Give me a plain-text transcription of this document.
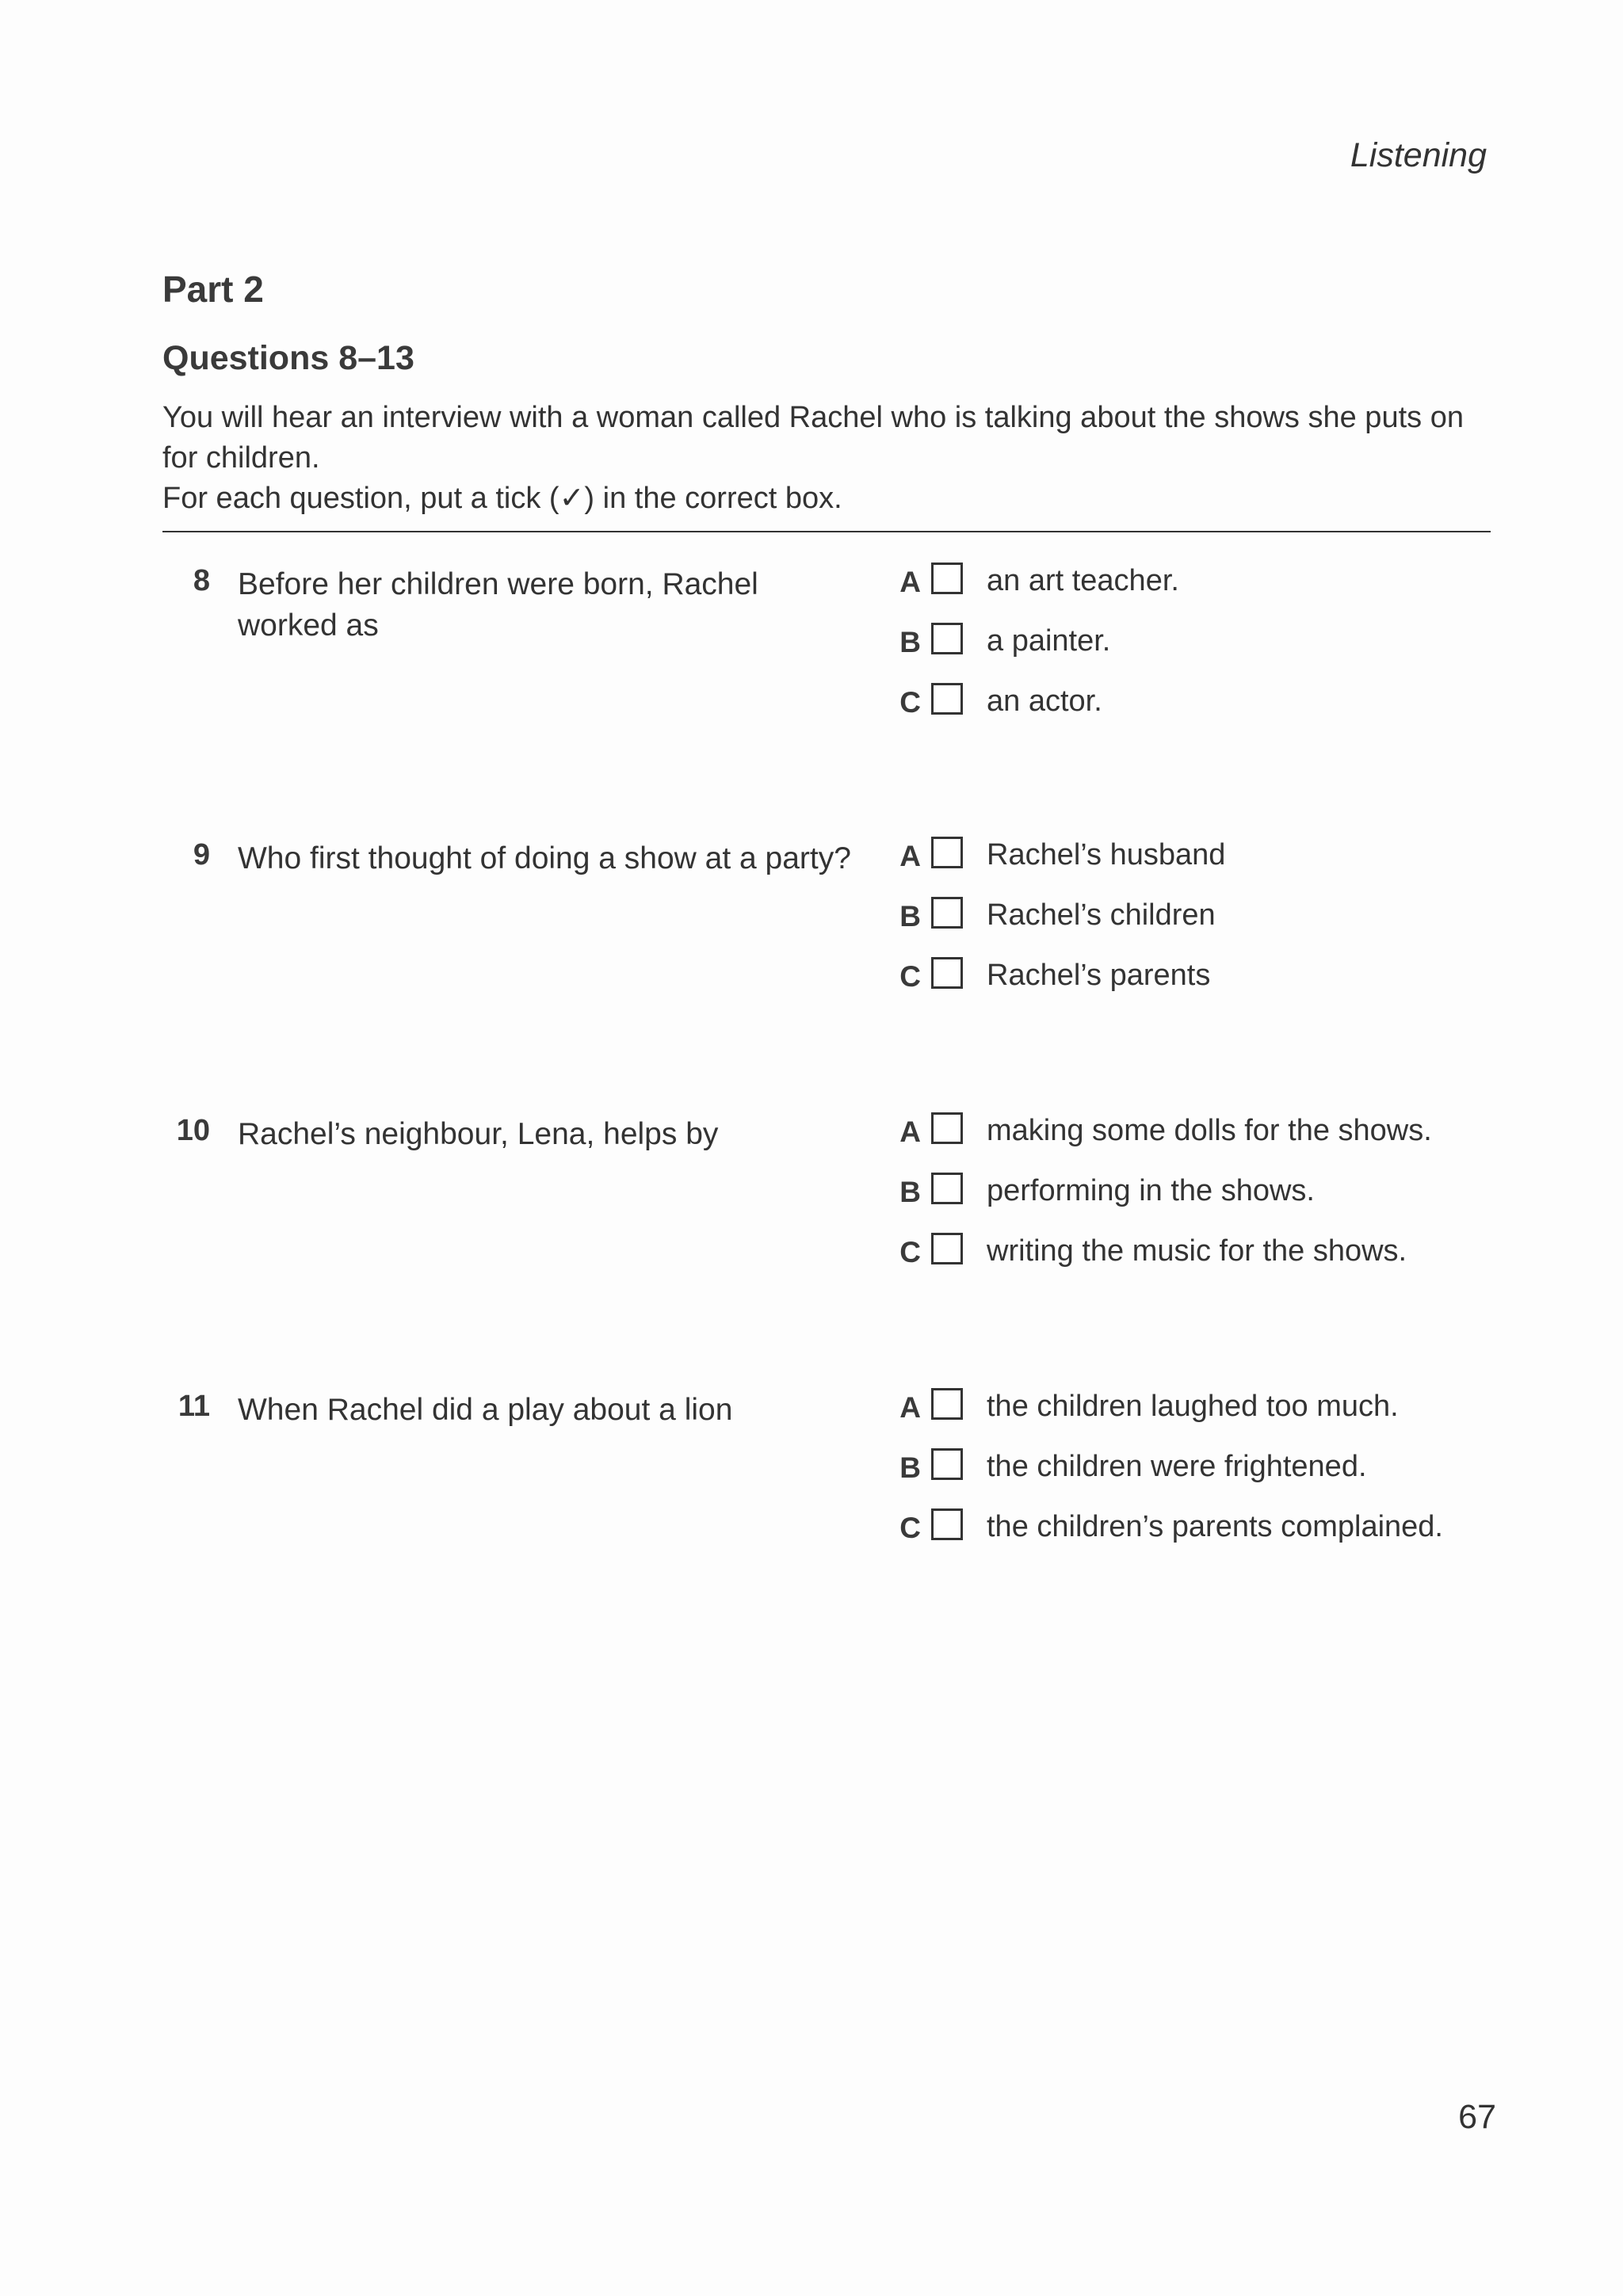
Listening
Part 2
Questions 8–13

You will hear an interview with a woman called Rachel who is talking about the shows she puts on for children.

For each question, put a tick (✓) in the correct box.

8 Before her children were born, Rachel worked as
A an art teacher.
B a painter.
C an actor.
9 Who first thought of doing a show at a party?	A Rachel’s husband
B Rachel’s children
C Rachel’s parents
10 Rachel’s neighbour, Lena, helps by	A making some dolls for the shows.
B performing in the shows.
C writing the music for the shows.
11 When Rachel did a play about a lion	A the children laughed too much.
B the children were frightened.
C the children’s parents complained.
67
